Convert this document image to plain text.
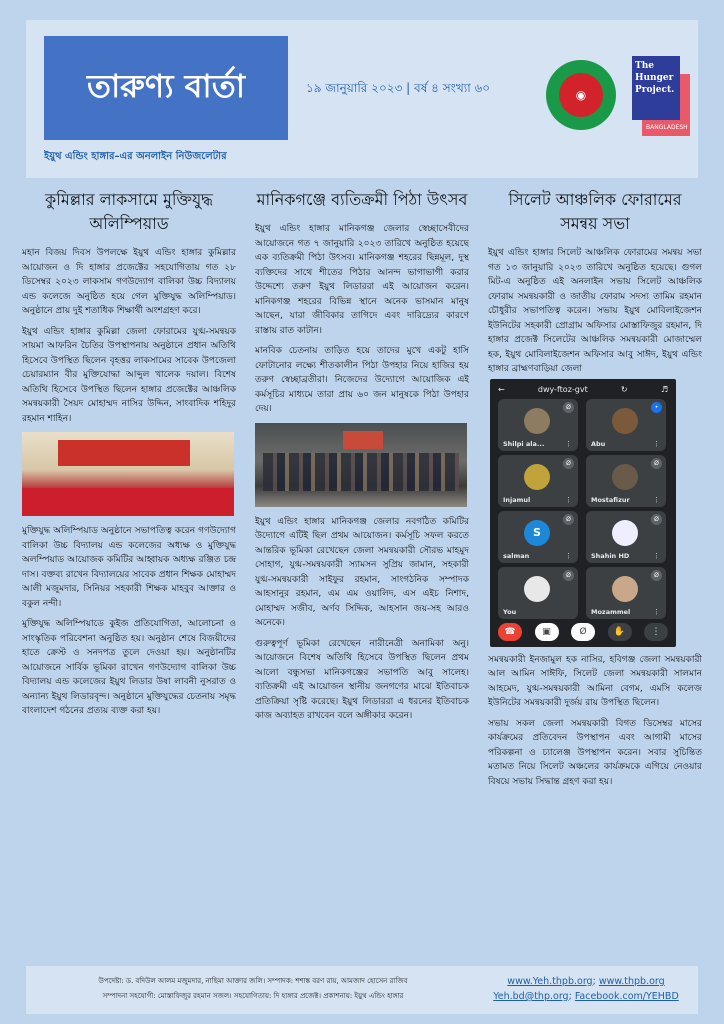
তারুণ্য বার্তা
ইয়ুথ এন্ডিং হাঙ্গার–এর অনলাইন নিউজলেটার
১৯ জানুয়ারি ২০২৩ | বর্ষ ৪ সংখ্যা ৬০	◉
The
Hunger
Project.
BANGLADESH
কুমিল্লার লাকসামে মুক্তিযুদ্ধ অলিম্পিয়াড

মহান বিজয় দিবস উপলক্ষে ইয়ুথ এন্ডিং হাঙ্গার কুমিল্লার আয়োজন ও দি হাঙ্গার প্রজেক্টের সহযোগিতায় গত ২৮ ডিসেম্বর ২০২৩ লাকসাম গণউদ্যোগ বালিকা উচ্চ বিদ্যালয় এন্ড কলেজে অনুষ্ঠিত হয়ে গেল মুক্তিযুদ্ধ অলিম্পিয়াড। অনুষ্ঠানে প্রায় দুই শতাধিক শিক্ষার্থী অংশগ্রহণ করে।

ইয়ুথ এন্ডিং হাঙ্গার কুমিল্লা জেলা ফোরামের যুগ্ম-সমন্বয়ক সায়মা আফরিন চৈতির উপস্থাপনায় অনুষ্ঠানে প্রধান অতিথি হিসেবে উপস্থিত ছিলেন বৃহত্তর লাকসামের সাবেক উপজেলা চেয়ারম্যান বীর মুক্তিযোদ্ধা আব্দুল খালেক দয়াল। বিশেষ অতিথি হিসেবে উপস্থিত ছিলেন হাঙ্গার প্রজেক্টের আঞ্চলিক সমন্বয়কারী সৈয়দ মোহাম্মদ নাসির উদ্দিন, সাংবাদিক শহিদুর রহমান শাহিন।

মুক্তিযুদ্ধ অলিম্পিয়াড অনুষ্ঠানে সভাপতিত্ব করেন গণউদ্যোগ বালিকা উচ্চ বিদ্যালয় এন্ড কলেজের অধ্যক্ষ ও মুক্তিযুদ্ধ অলম্পিয়াড আয়োজক কমিটির আহ্বায়ক অধ্যক্ষ রঞ্জিত চন্দ্র দাস। বক্তব্য রাখেন বিদ্যালয়ের সাবেক প্রধান শিক্ষক মোহাম্মদ আলী মজুমদার, সিনিয়র সহকারী শিক্ষক মাহবুব আক্তার ও বকুল নন্দী।

মুক্তিযুদ্ধ অলিম্পিয়াডে কুইজ প্রতিযোগিতা, আলোচনা ও সাংস্কৃতিক পরিবেশনা অনুষ্ঠিত হয়। অনুষ্ঠান শেষে বিজয়ীদের হাতে ক্রেস্ট ও সনদপত্র তুলে দেওয়া হয়। অনুষ্ঠানটির আয়োজনে সার্বিক ভূমিকা রাখেন গণউদ্যোগ বালিকা উচ্চ বিদ্যালয় এন্ড কলেজের ইয়ুথ লিডার উষা লাবনী নুসরাত ও অন্যান্য ইয়ুথ লিডারবৃন্দ। অনুষ্ঠানে মুক্তিযুদ্ধের চেতনায় সমৃদ্ধ বাংলাদেশ গঠনের প্রত্যয় ব্যক্ত করা হয়।

মানিকগঞ্জে ব্যতিক্রমী পিঠা উৎসব

ইয়ুথ এন্ডিং হাঙ্গার মানিকগঞ্জ জেলার স্বেচ্ছাসেবীদের আয়োজনে গত ৭ জানুয়ারি ২০২৩ তারিখে অনুষ্ঠিত হয়েছে এক ব্যতিক্রমী পিঠা উৎসব। মানিকগঞ্জ শহরের ছিন্নমূল, দুস্থ ব্যক্তিদের সাথে শীতের পিঠার আনন্দ ভাগাভাগী করার উদ্দেশ্যে তরুণ ইয়ুথ লিডাররা এই আয়োজন করেন। মানিকগঞ্জ শহরের বিভিন্ন স্থানে অনেক ভাসমান মানুষ আছেন, যারা জীবিকার তাগিদে এবং দারিদ্র্যের কারণে রাস্তায় রাত কাটান।

মানবিক চেতনায় তাড়িত হয়ে তাদের মুখে একটু হাসি ফোটানোর লক্ষ্যে শীতকালীন পিঠা উপহার নিয়ে হাজির হয় তরুণ স্বেচ্ছাব্রতীরা। নিজেদের উদ্যোগে আয়োজিক এই কর্মসূচির মাধ্যমে তারা প্রায় ৬০ জন মানুষকে পিঠা উপহার দেয়।

ইয়ুথ এন্ডিং হাঙ্গার মানিকগঞ্জ জেলার নবগঠিত কমিটির উদ্যোগে এটিই ছিল প্রথম আয়োজন। কর্মসূচি সফল করতে আন্তরিক ভূমিকা রেখেছেন জেলা সমন্বয়কারী সৌরভ মাহমুদ সোহাগ, যুগ্ম-সমন্বয়কারী স্যামসন সুপ্রিয় জামান, সহকারী যুগ্ম-সমন্বয়কারী সাইফুর রহমান, সাংগঠনিক সম্পাদক আহসানুর রহমান, এম এম ওয়ালিদ, এস এইচ নিশাদ, মোহাম্মদ সজীব, অর্ণব সিদ্দিক, আহসান জয়-সহ আরও অনেকে।

গুরুত্বপূর্ণ ভূমিকা রেখেছেন নারীনেত্রী অনামিকা অনু। আয়োজনে বিশেষ অতিথি হিসেবে উপস্থিত ছিলেন প্রথম আলো বন্ধুসভা মানিকগঞ্জের সভাপতি আবু সালেহ। ব্যতিক্রমী এই আয়োজন স্থানীয় জনগণের মাঝে ইতিবাচক প্রতিক্রিয়া সৃষ্টি করেছে। ইয়ুথ লিডাররা এ ধরনের ইতিবাচক কাজ অব্যাহত রাখবেন বলে অঙ্গীকার করেন।

সিলেট আঞ্চলিক ফোরামের সমন্বয় সভা

ইয়ুথ এন্ডিং হাঙ্গার সিলেট আঞ্চলিক ফোরামের সমন্বয় সভা গত ১৩ জানুয়ারি ২০২৩ তারিখে অনুষ্ঠিত হয়েছে। গুগল মিট-এ অনুষ্ঠিত এই অনলাইন সভায় সিলেট আঞ্চলিক ফোরাম সমন্বয়কারী ও জাতীয় ফোরাম সদস্য তামিম রহমান চৌধুরীর সভাপতিত্ব করেন। সভায় ইয়ুথ মোবিলাইজেশন ইউনিটের সহকারী প্রোগ্রাম অফিসার মোস্তাফিজুর রহমান, দি হাঙ্গার প্রজেক্ট সিলেটের আঞ্চলিক সমন্বয়কারী মোজাম্মেল হক, ইয়ুথ মোবিলাইজেশন অফিসার আবু সাঈদ, ইয়ুথ এন্ডিং হাঙ্গার ব্রাহ্মণবাড়িয়া জেলা

←	dwy-ftoz-gvt	↻	♬
Ø
Shilpi ala...	⋮
•
Abu	⋮
Ø
Injamul	⋮
Ø
Mostafizur	⋮
S
Ø
salman	⋮
Ø
Shahin HD	⋮
Ø
You
Ø
Mozammel	⋮
☎	▣	Ø	✋	⋮

সমন্বয়কারী ইনজামুল হক নাসির, হবিগঞ্জ জেলা সমন্বয়কারী আল আমিন সাঈফি, সিলেট জেলা সমন্বয়কারী সালমান আহমেদ, যুগ্ম-সমন্বয়কারী আমিনা বেগম, এমসি কলেজ ইউনিটের সমন্বয়কারী দুর্জয় রায় উপস্থিত ছিলেন।

সভায় সকল জেলা সমন্বয়কারী বিগত ডিসেম্বর মাসের কার্যক্রমের প্রতিবেদন উপস্থাপন এবং আগামী মাসের পরিকল্পনা ও চ্যালেঞ্জ উপস্থাপন করেন। সবার সুচিন্তিত মতামত নিয়ে সিলেট অঞ্চলের কার্যক্রমকে এগিয়ে নেওয়ার বিষয়ে সভায় সিদ্ধান্ত গ্রহণ করা হয়।

উপদেষ্টা: ড. বদিউল আলম মজুমদার, নাছিমা আক্তার জলি। সম্পাদক: শশাঙ্ক বরণ রায়, আমজাদ হোসেন রাজিব
সম্পাদনা সহযোগী: মোস্তাফিজুর রহমান সজল। সহযোগিতায়: দি হাঙ্গার প্রজেক্ট। প্রকাশনায়: ইয়ুথ এন্ডিং হাঙ্গার
www.Yeh.thpb.org; www.thpb.org
Yeh.bd@thp.org; Facebook.com/YEHBD
